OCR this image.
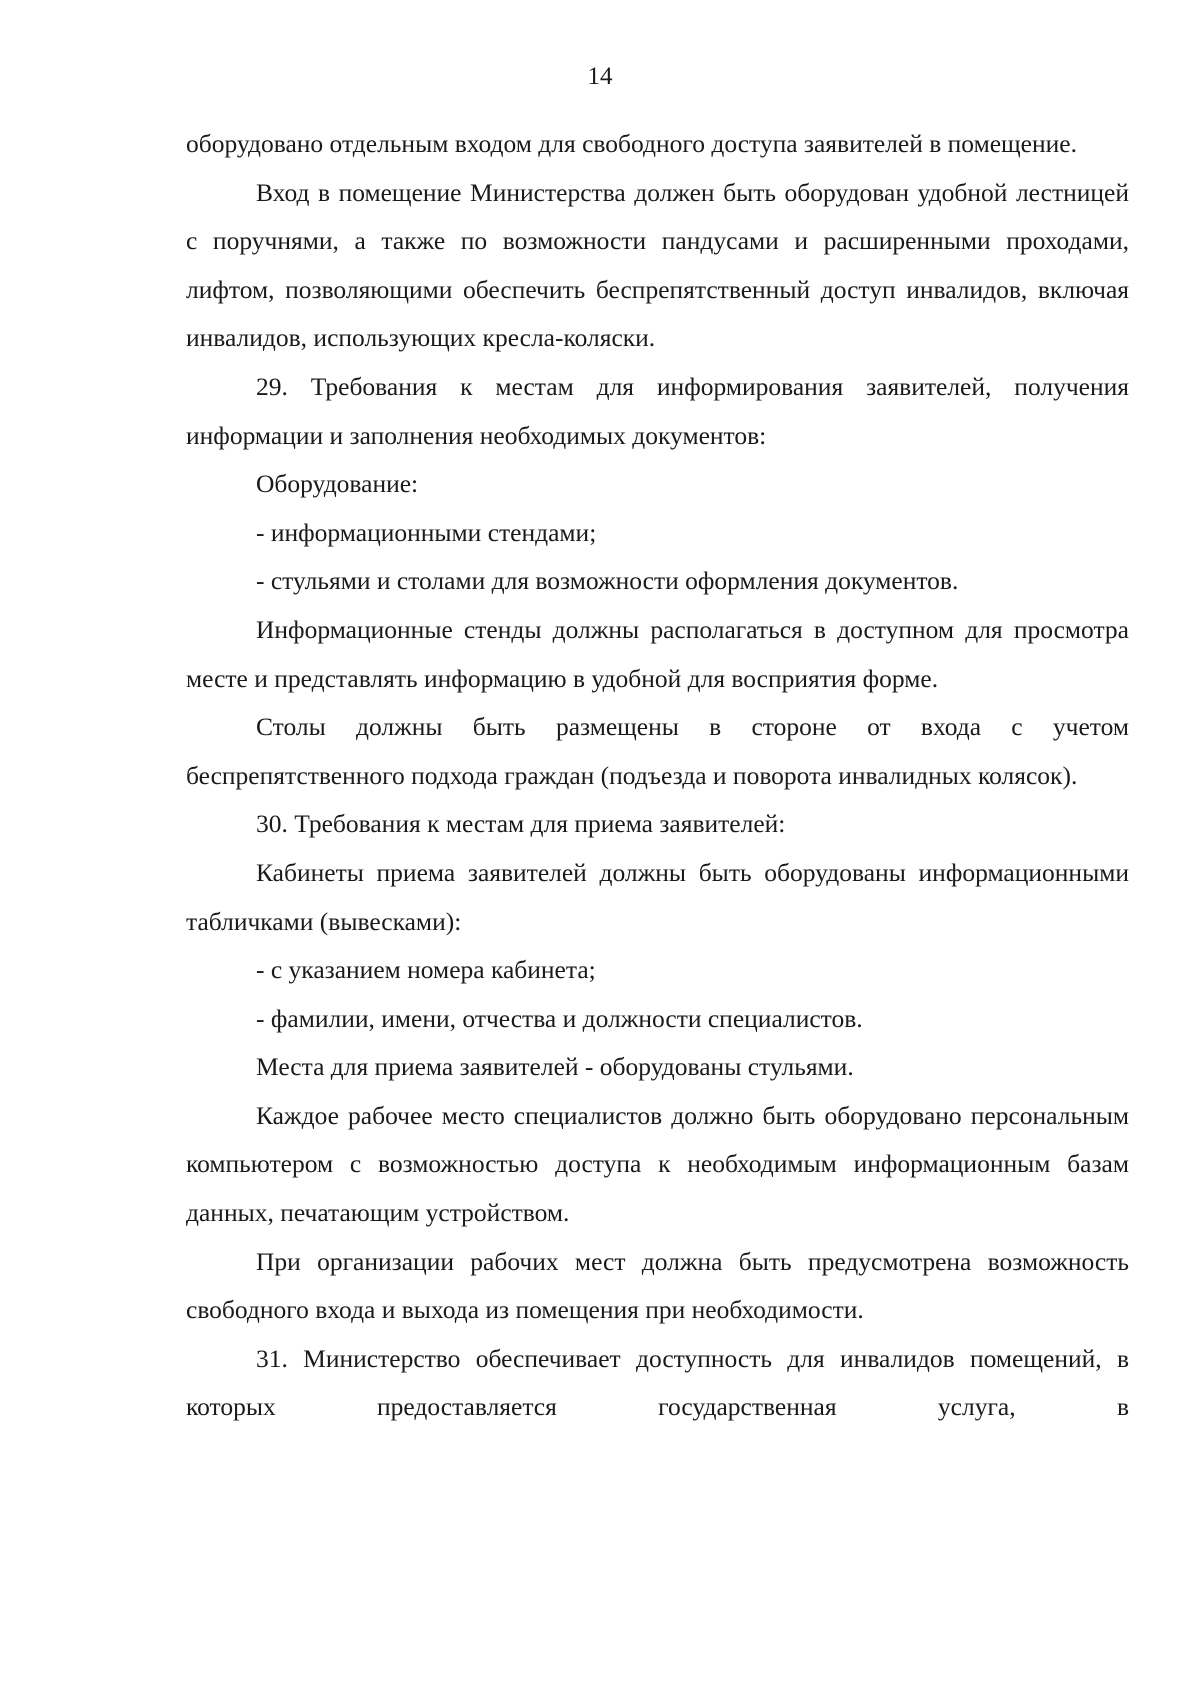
14

оборудовано отдельным входом для свободного доступа заявителей в помещение.

Вход в помещение Министерства должен быть оборудован удобной лестницей с поручнями, а также по возможности пандусами и расширенными проходами, лифтом, позволяющими обеспечить беспрепятственный доступ инвалидов, включая инвалидов, использующих кресла-коляски.

29. Требования к местам для информирования заявителей, получения информации и заполнения необходимых документов:

Оборудование:

- информационными стендами;

- стульями и столами для возможности оформления документов.

Информационные стенды должны располагаться в доступном для просмотра месте и представлять информацию в удобной для восприятия форме.

Столы должны быть размещены в стороне от входа с учетом беспрепятственного подхода граждан (подъезда и поворота инвалидных колясок).

30. Требования к местам для приема заявителей:

Кабинеты приема заявителей должны быть оборудованы информационными табличками (вывесками):

- с указанием номера кабинета;

- фамилии, имени, отчества и должности специалистов.

Места для приема заявителей - оборудованы стульями.

Каждое рабочее место специалистов должно быть оборудовано персональным компьютером с возможностью доступа к необходимым информационным базам данных, печатающим устройством.

При организации рабочих мест должна быть предусмотрена возможность свободного входа и выхода из помещения при необходимости.

31. Министерство обеспечивает доступность для инвалидов помещений, в которых предоставляется государственная услуга, в
